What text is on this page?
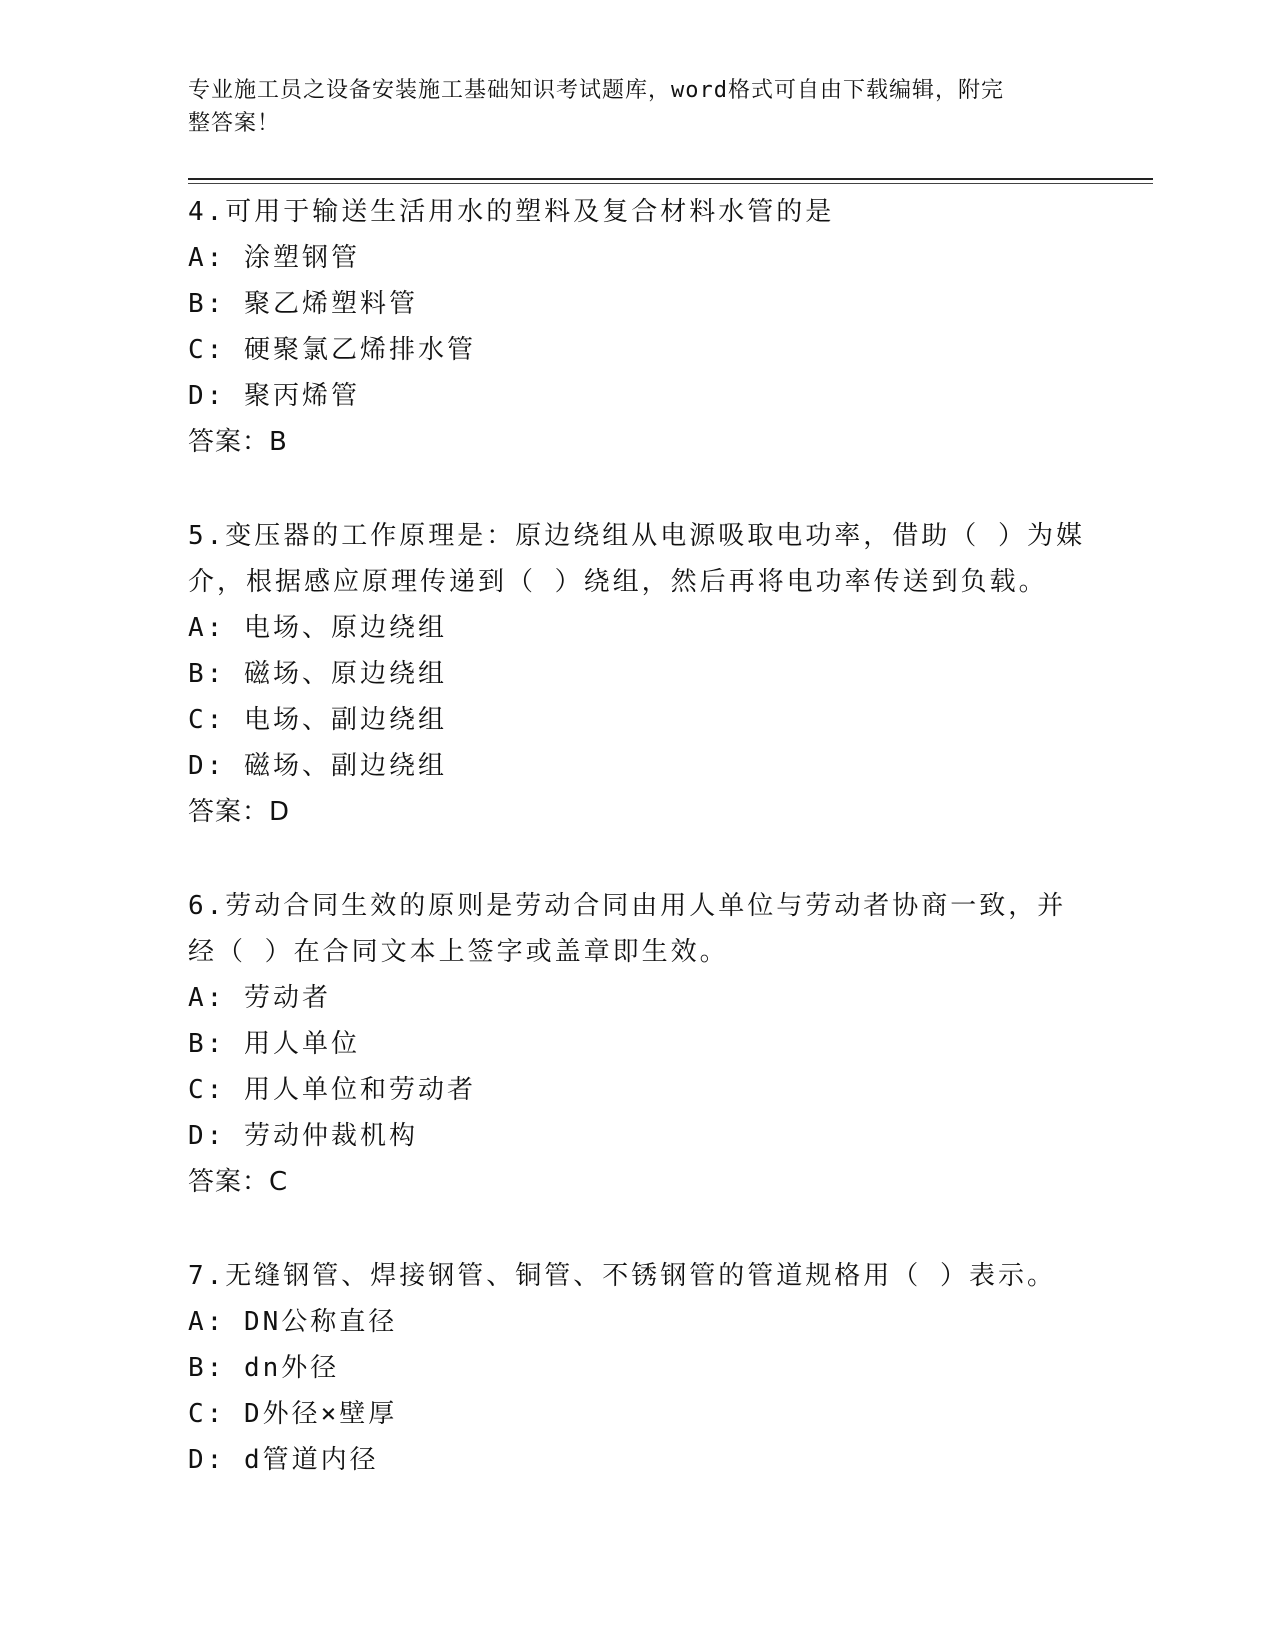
专业施工员之设备安装施工基础知识考试题库，word格式可自由下载编辑，附完
整答案！
4.可用于输送生活用水的塑料及复合材料水管的是
A: 涂塑钢管
B: 聚乙烯塑料管
C: 硬聚氯乙烯排水管
D: 聚丙烯管
答案：B
5.变压器的工作原理是：原边绕组从电源吸取电功率，借助（ ）为媒
介，根据感应原理传递到（ ）绕组，然后再将电功率传送到负载。
A: 电场、原边绕组
B: 磁场、原边绕组
C: 电场、副边绕组
D: 磁场、副边绕组
答案：D
6.劳动合同生效的原则是劳动合同由用人单位与劳动者协商一致，并
经（ ）在合同文本上签字或盖章即生效。
A: 劳动者
B: 用人单位
C: 用人单位和劳动者
D: 劳动仲裁机构
答案：C
7.无缝钢管、焊接钢管、铜管、不锈钢管的管道规格用（ ）表示。
A: DN公称直径
B: dn外径
C: D外径×壁厚
D: d管道内径
